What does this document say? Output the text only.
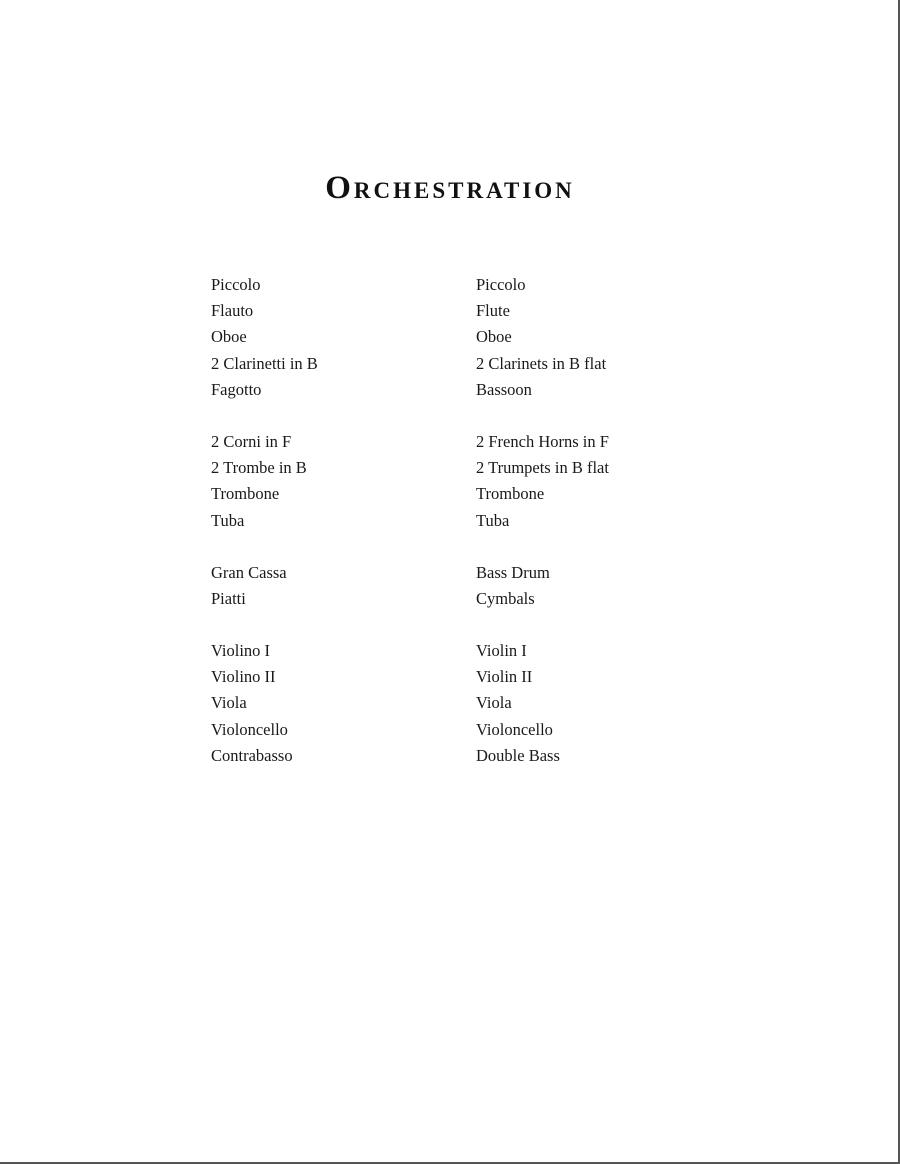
Orchestration
Piccolo
Flauto
Oboe
2 Clarinetti in B
Fagotto
2 Corni in F
2 Trombe in B
Trombone
Tuba
Gran Cassa
Piatti
Violino I
Violino II
Viola
Violoncello
Contrabasso
Piccolo
Flute
Oboe
2 Clarinets in B flat
Bassoon
2 French Horns in F
2 Trumpets in B flat
Trombone
Tuba
Bass Drum
Cymbals
Violin I
Violin II
Viola
Violoncello
Double Bass
